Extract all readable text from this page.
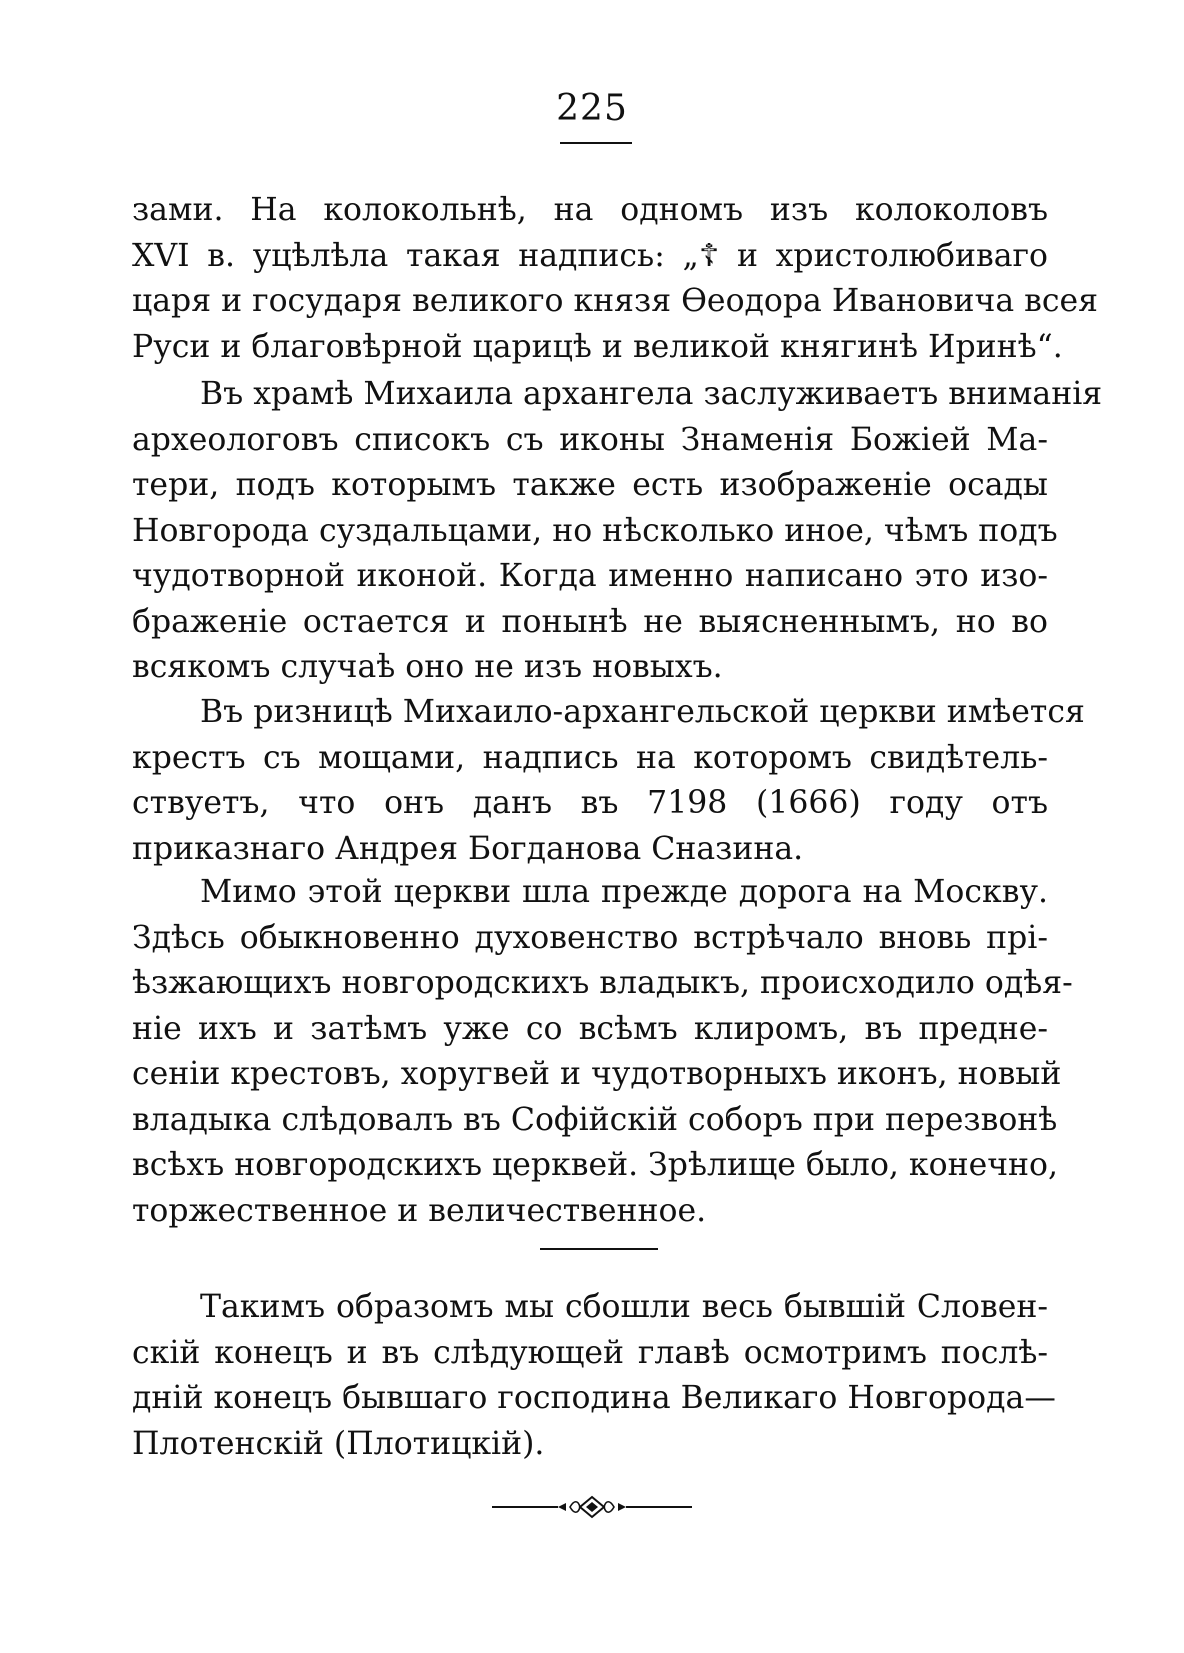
225
зами. На колокольнѣ, на одномъ изъ колоколовъ
XVI в. уцѣлѣла такая надпись: „☦ и христолюбиваго
царя и государя великого князя Өеодора Ивановича всея
Руси и благовѣрной царицѣ и великой княгинѣ Иринѣ“.
Въ храмѣ Михаила архангела заслуживаетъ вниманія
археологовъ списокъ съ иконы Знаменія Божіей Ма-
тери, подъ которымъ также есть изображеніе осады
Новгорода суздальцами, но нѣсколько иное, чѣмъ подъ
чудотворной иконой. Когда именно написано это изо-
браженіе остается и понынѣ не выясненнымъ, но во
всякомъ случаѣ оно не изъ новыхъ.
Въ ризницѣ Михаило-архангельской церкви имѣется
крестъ съ мощами, надпись на которомъ свидѣтель-
ствуетъ, что онъ данъ въ 7198 (1666) году отъ
приказнаго Андрея Богданова Сназина.
Мимо этой церкви шла прежде дорога на Москву.
Здѣсь обыкновенно духовенство встрѣчало вновь прі-
ѣзжающихъ новгородскихъ владыкъ, происходило одѣя-
ніе ихъ и затѣмъ уже со всѣмъ клиромъ, въ предне-
сеніи крестовъ, хоругвей и чудотворныхъ иконъ, новый
владыка слѣдовалъ въ Софійскій соборъ при перезвонѣ
всѣхъ новгородскихъ церквей. Зрѣлище было, конечно,
торжественное и величественное.
Такимъ образомъ мы сбошли весь бывшій Словен-
скій конецъ и въ слѣдующей главѣ осмотримъ послѣ-
дній конецъ бывшаго господина Великаго Новгорода—
Плотенскій (Плотицкій).
